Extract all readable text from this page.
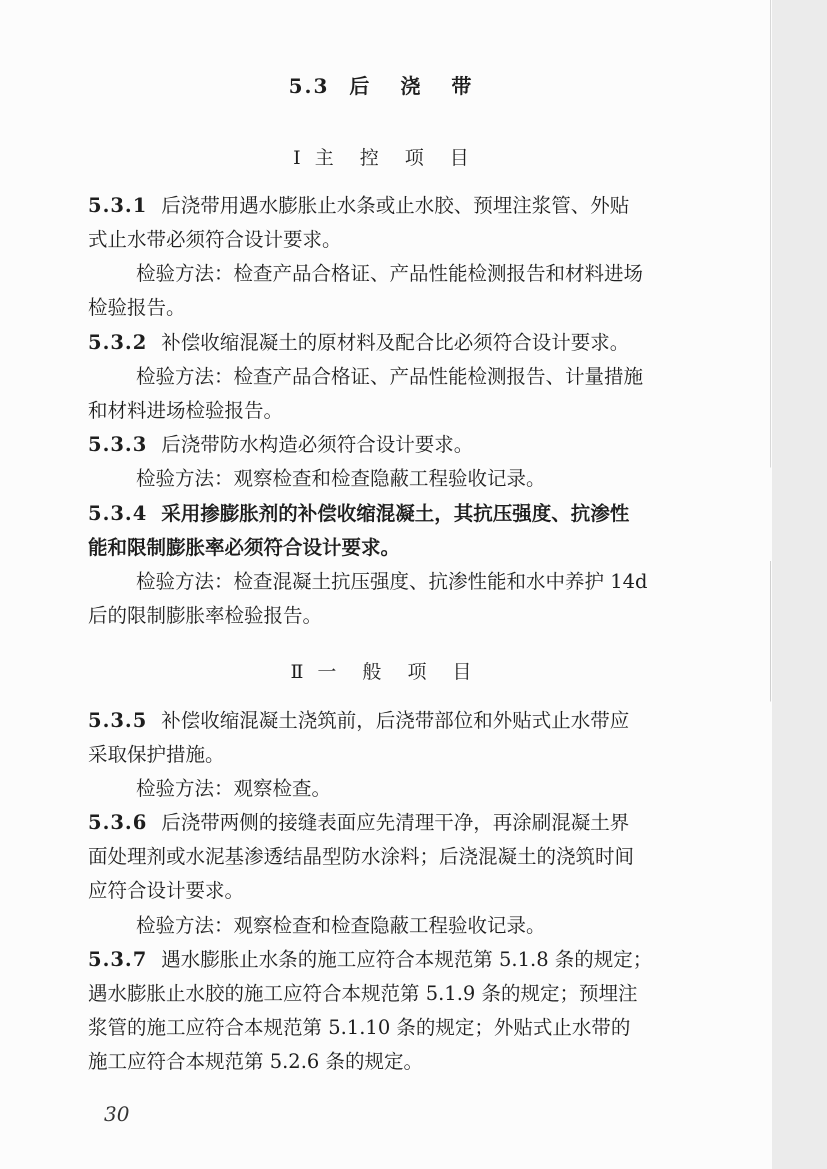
5.3 后 浇 带
Ⅰ 主 控 项 目
5.3.1 后浇带用遇水膨胀止水条或止水胶、预埋注浆管、外贴
式止水带必须符合设计要求。
检验方法：检查产品合格证、产品性能检测报告和材料进场
检验报告。
5.3.2 补偿收缩混凝土的原材料及配合比必须符合设计要求。
检验方法：检查产品合格证、产品性能检测报告、计量措施
和材料进场检验报告。
5.3.3 后浇带防水构造必须符合设计要求。
检验方法：观察检查和检查隐蔽工程验收记录。
5.3.4 采用掺膨胀剂的补偿收缩混凝土，其抗压强度、抗渗性
能和限制膨胀率必须符合设计要求。
检验方法：检查混凝土抗压强度、抗渗性能和水中养护 14d
后的限制膨胀率检验报告。
Ⅱ 一 般 项 目
5.3.5 补偿收缩混凝土浇筑前，后浇带部位和外贴式止水带应
采取保护措施。
检验方法：观察检查。
5.3.6 后浇带两侧的接缝表面应先清理干净，再涂刷混凝土界
面处理剂或水泥基渗透结晶型防水涂料；后浇混凝土的浇筑时间
应符合设计要求。
检验方法：观察检查和检查隐蔽工程验收记录。
5.3.7 遇水膨胀止水条的施工应符合本规范第 5.1.8 条的规定；
遇水膨胀止水胶的施工应符合本规范第 5.1.9 条的规定；预埋注
浆管的施工应符合本规范第 5.1.10 条的规定；外贴式止水带的
施工应符合本规范第 5.2.6 条的规定。
30
